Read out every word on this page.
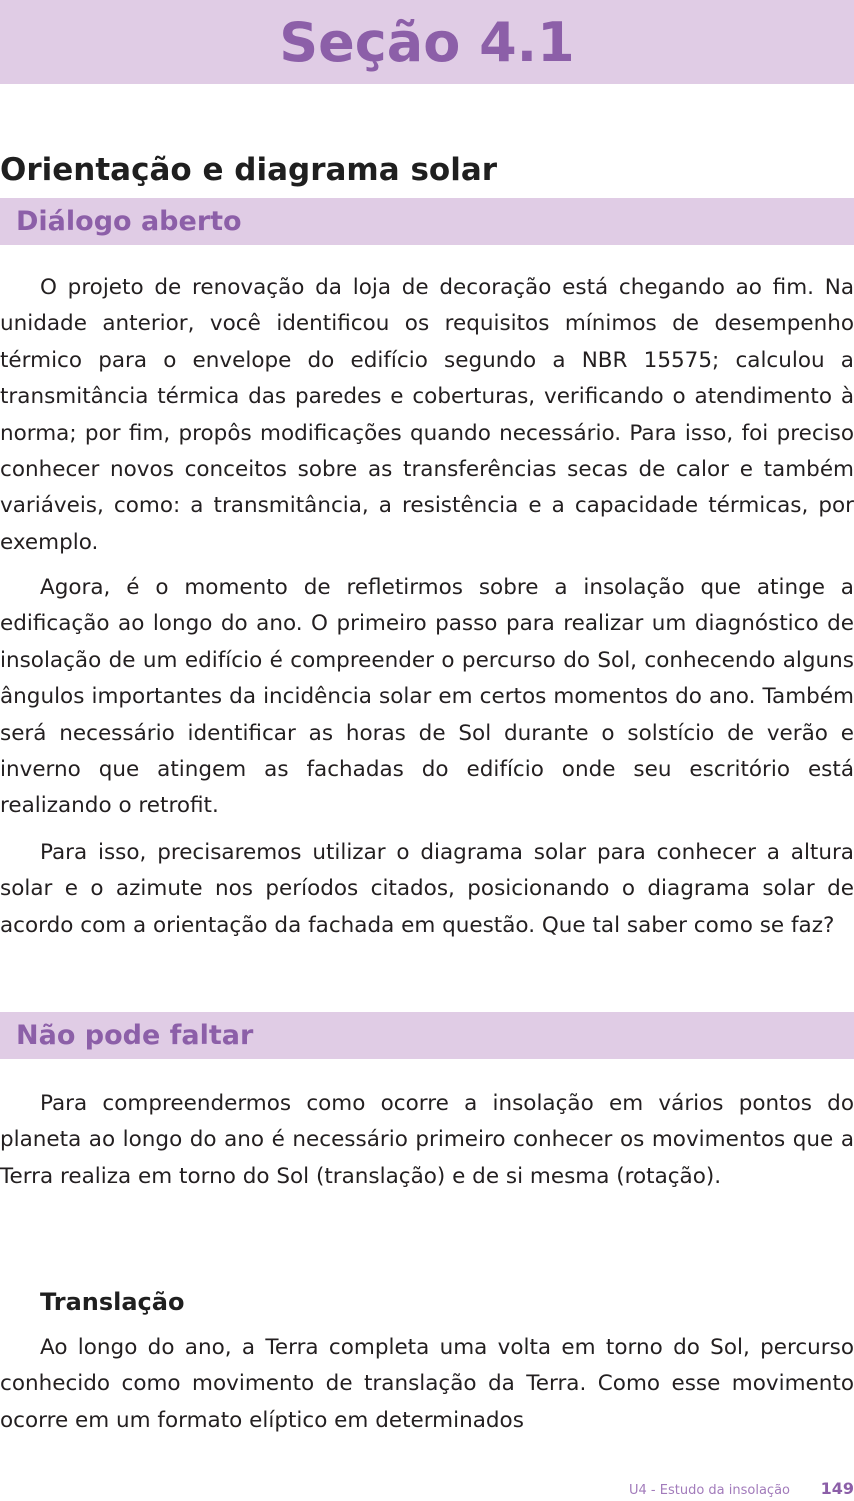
Seção 4.1
Orientação e diagrama solar
Diálogo aberto

O projeto de renovação da loja de decoração está chegando ao fim. Na unidade anterior, você identificou os requisitos mínimos de desempenho térmico para o envelope do edifício segundo a NBR 15575; calculou a transmitância térmica das paredes e coberturas, verificando o atendimento à norma; por fim, propôs modificações quando necessário. Para isso, foi preciso conhecer novos conceitos sobre as transferências secas de calor e também variáveis, como: a transmitância, a resistência e a capacidade térmicas, por exemplo.

Agora, é o momento de refletirmos sobre a insolação que atinge a edificação ao longo do ano. O primeiro passo para realizar um diagnóstico de insolação de um edifício é compreender o percurso do Sol, conhecendo alguns ângulos importantes da incidência solar em certos momentos do ano. Também será necessário identificar as horas de Sol durante o solstício de verão e inverno que atingem as fachadas do edifício onde seu escritório está realizando o retrofit.

Para isso, precisaremos utilizar o diagrama solar para conhecer a altura solar e o azimute nos períodos citados, posicionando o diagrama solar de acordo com a orientação da fachada em questão. Que tal saber como se faz?

Não pode faltar

Para compreendermos como ocorre a insolação em vários pontos do planeta ao longo do ano é necessário primeiro conhecer os movimentos que a Terra realiza em torno do Sol (translação) e de si mesma (rotação).

Translação

Ao longo do ano, a Terra completa uma volta em torno do Sol, percurso conhecido como movimento de translação da Terra. Como esse movimento ocorre em um formato elíptico em determinados

U4 - Estudo da insolação 149
